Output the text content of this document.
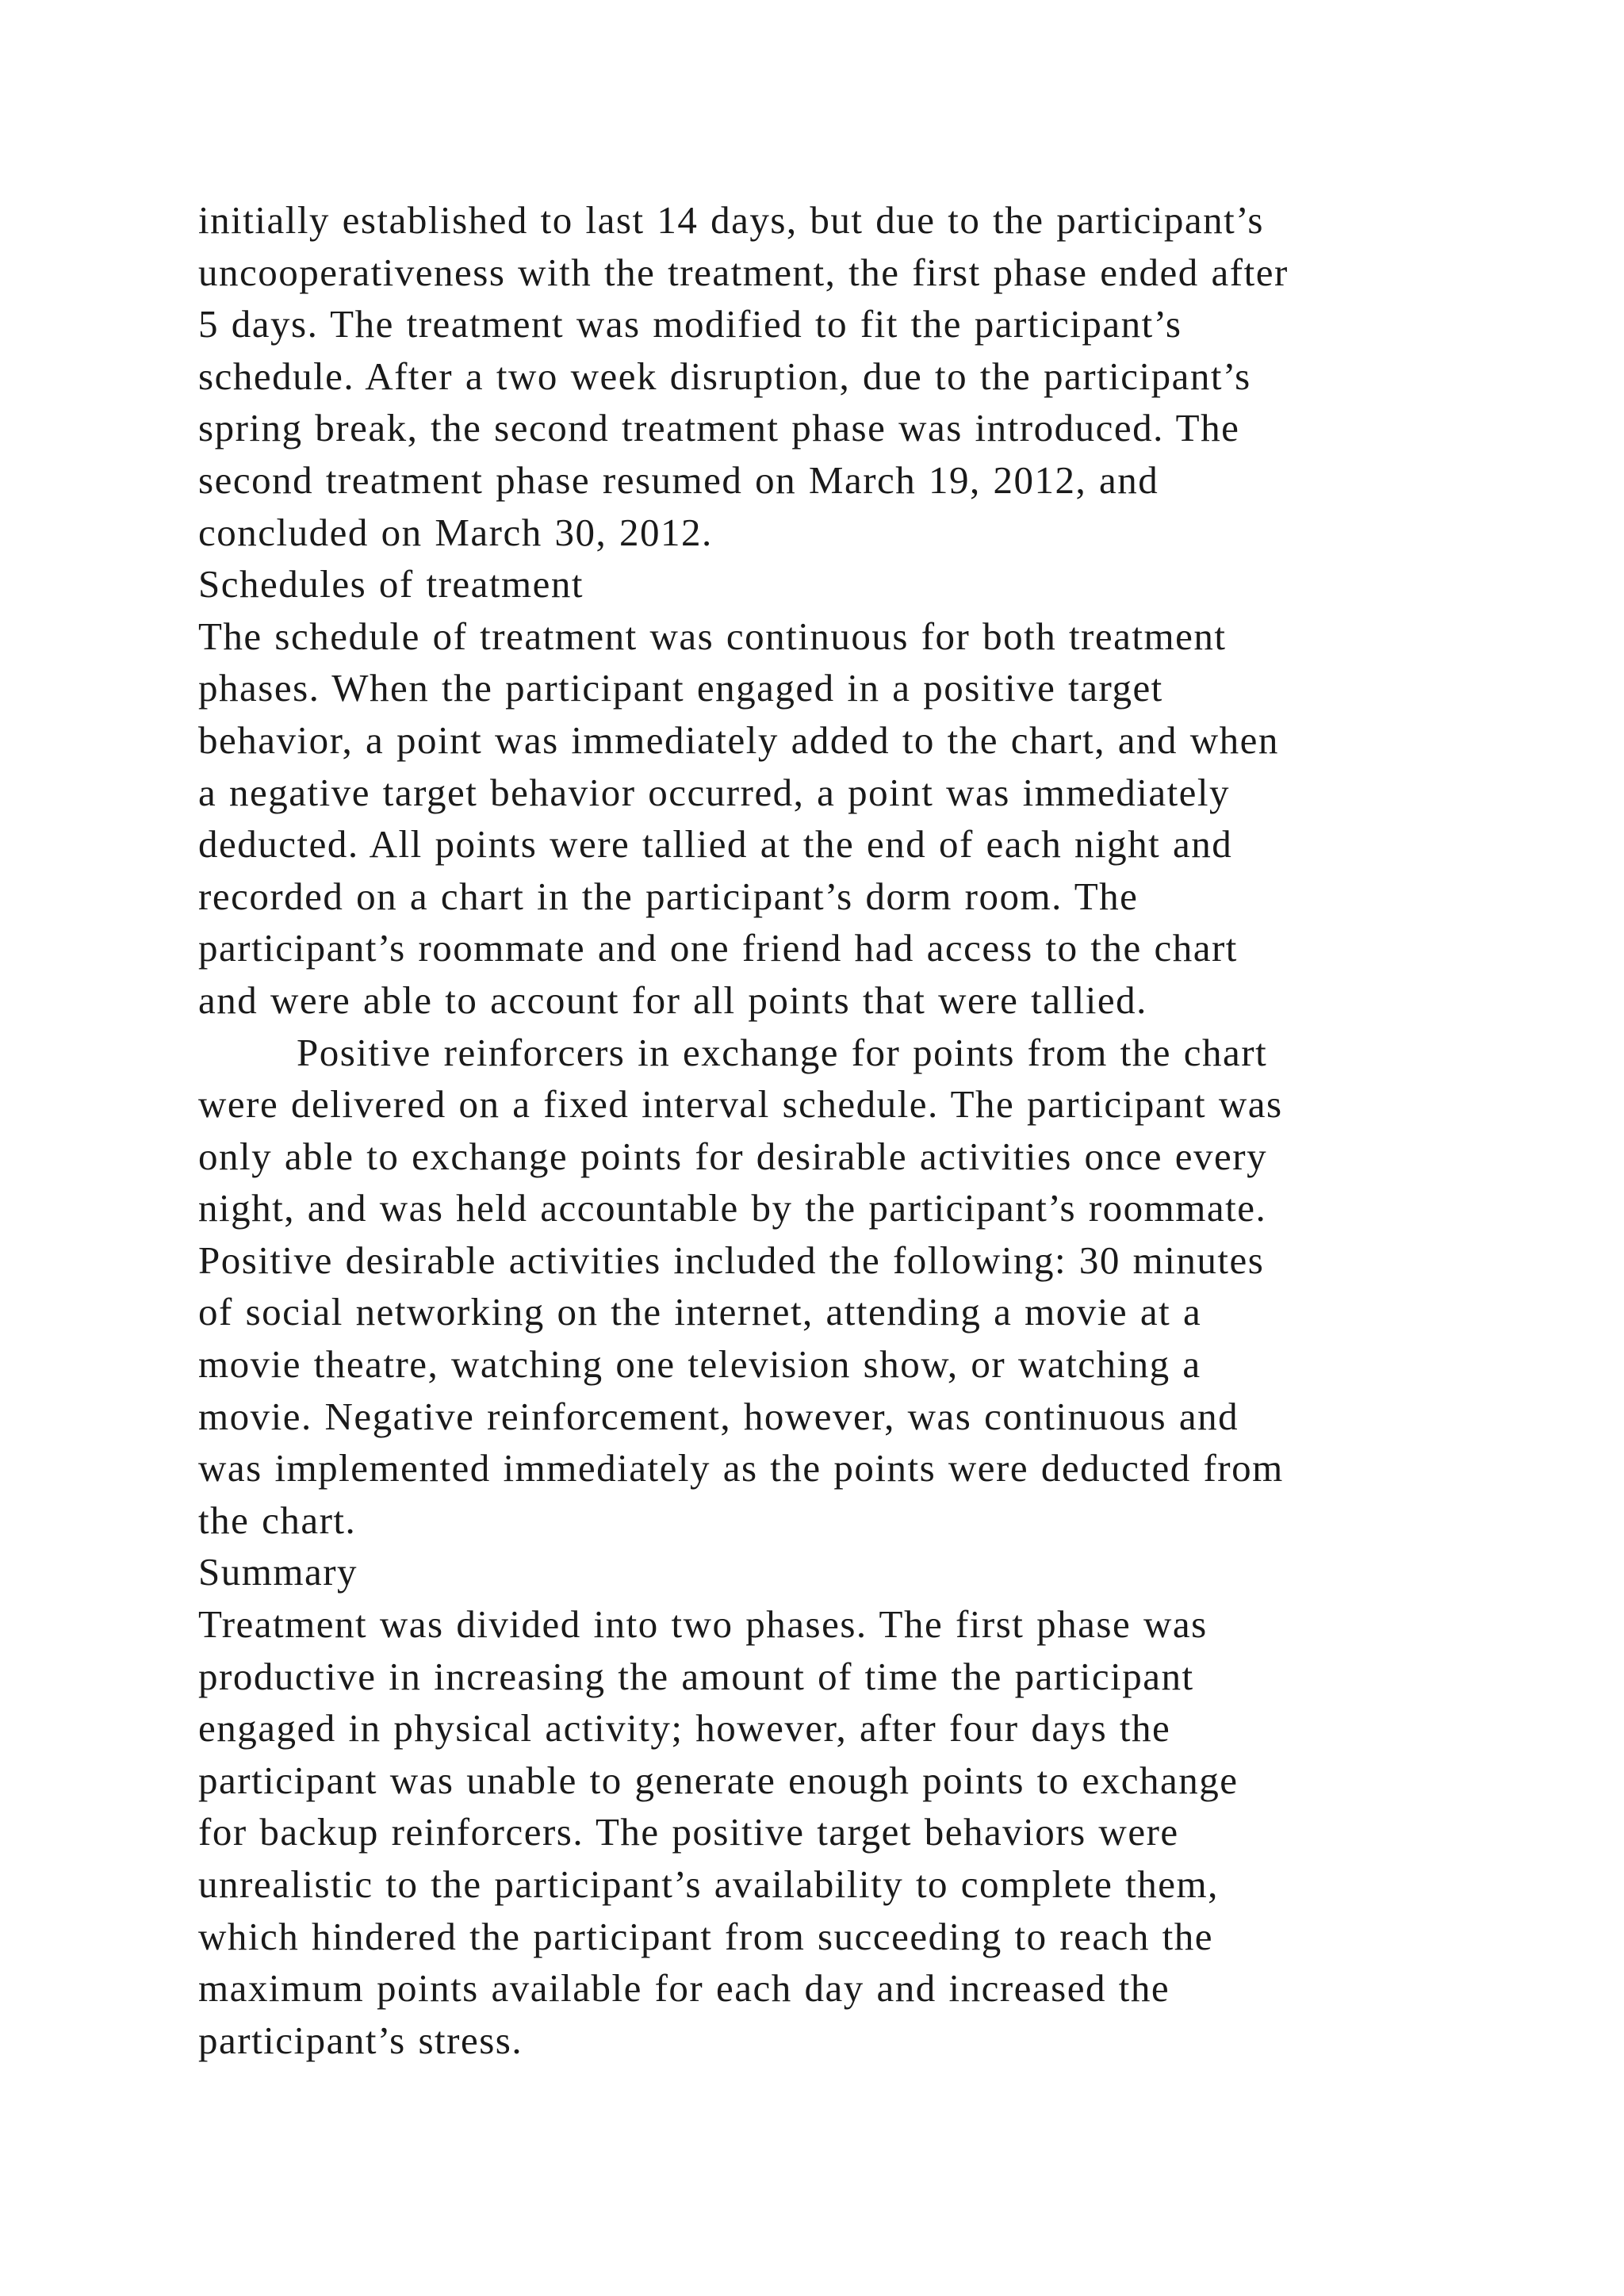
initially established to last 14 days, but due to the participant’s
uncooperativeness with the treatment, the first phase ended after
5 days. The treatment was modified to fit the participant’s
schedule. After a two week disruption, due to the participant’s
spring break, the second treatment phase was introduced. The
second treatment phase resumed on March 19, 2012, and
concluded on March 30, 2012.
Schedules of treatment
The schedule of treatment was continuous for both treatment
phases. When the participant engaged in a positive target
behavior, a point was immediately added to the chart, and when
a negative target behavior occurred, a point was immediately
deducted. All points were tallied at the end of each night and
recorded on a chart in the participant’s dorm room. The
participant’s roommate and one friend had access to the chart
and were able to account for all points that were tallied.
Positive reinforcers in exchange for points from the chart
were delivered on a fixed interval schedule. The participant was
only able to exchange points for desirable activities once every
night, and was held accountable by the participant’s roommate.
Positive desirable activities included the following: 30 minutes
of social networking on the internet, attending a movie at a
movie theatre, watching one television show, or watching a
movie. Negative reinforcement, however, was continuous and
was implemented immediately as the points were deducted from
the chart.
Summary
Treatment was divided into two phases. The first phase was
productive in increasing the amount of time the participant
engaged in physical activity; however, after four days the
participant was unable to generate enough points to exchange
for backup reinforcers. The positive target behaviors were
unrealistic to the participant’s availability to complete them,
which hindered the participant from succeeding to reach the
maximum points available for each day and increased the
participant’s stress.
